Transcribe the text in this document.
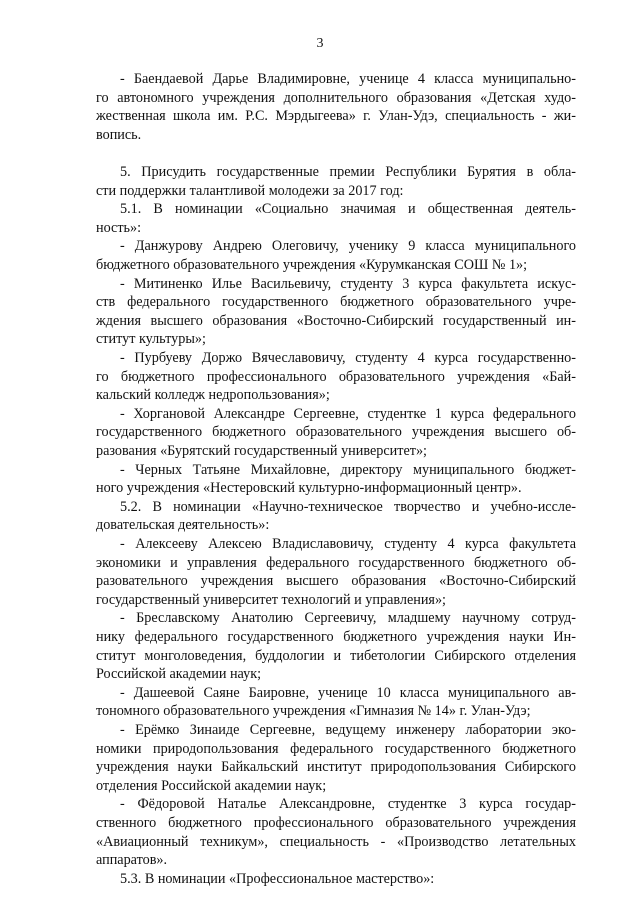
3
- Баендаевой Дарье Владимировне, ученице 4 класса муниципально-
го автономного учреждения дополнительного образования «Детская худо-
жественная школа им. Р.С. Мэрдыгеева» г. Улан-Удэ, специальность - жи-
вопись.
5. Присудить государственные премии Республики Бурятия в обла-
сти поддержки талантливой молодежи за 2017 год:
5.1. В номинации «Социально значимая и общественная деятель-
ность»:
- Данжурову Андрею Олеговичу, ученику 9 класса муниципального
бюджетного образовательного учреждения «Курумканская СОШ № 1»;
- Митиненко Илье Васильевичу, студенту 3 курса факультета искус-
ств федерального государственного бюджетного образовательного учре-
ждения высшего образования «Восточно-Сибирский государственный ин-
ститут культуры»;
- Пурбуеву Доржо Вячеславовичу, студенту 4 курса государственно-
го бюджетного профессионального образовательного учреждения «Бай-
кальский колледж недропользования»;
- Хоргановой Александре Сергеевне, студентке 1 курса федерального
государственного бюджетного образовательного учреждения высшего об-
разования «Бурятский государственный университет»;
- Черных Татьяне Михайловне, директору муниципального бюджет-
ного учреждения «Нестеровский культурно-информационный центр».
5.2. В номинации «Научно-техническое творчество и учебно-иссле-
довательская деятельность»:
- Алексееву Алексею Владиславовичу, студенту 4 курса факультета
экономики и управления федерального государственного бюджетного об-
разовательного учреждения высшего образования «Восточно-Сибирский
государственный университет технологий и управления»;
- Бреславскому Анатолию Сергеевичу, младшему научному сотруд-
нику федерального государственного бюджетного учреждения науки Ин-
ститут монголоведения, буддологии и тибетологии Сибирского отделения
Российской академии наук;
- Дашеевой Саяне Баировне, ученице 10 класса муниципального ав-
тономного образовательного учреждения «Гимназия № 14» г. Улан-Удэ;
- Ерёмко Зинаиде Сергеевне, ведущему инженеру лаборатории эко-
номики природопользования федерального государственного бюджетного
учреждения науки Байкальский институт природопользования Сибирского
отделения Российской академии наук;
- Фёдоровой Наталье Александровне, студентке 3 курса государ-
ственного бюджетного профессионального образовательного учреждения
«Авиационный техникум», специальность - «Производство летательных
аппаратов».
5.3. В номинации «Профессиональное мастерство»:
